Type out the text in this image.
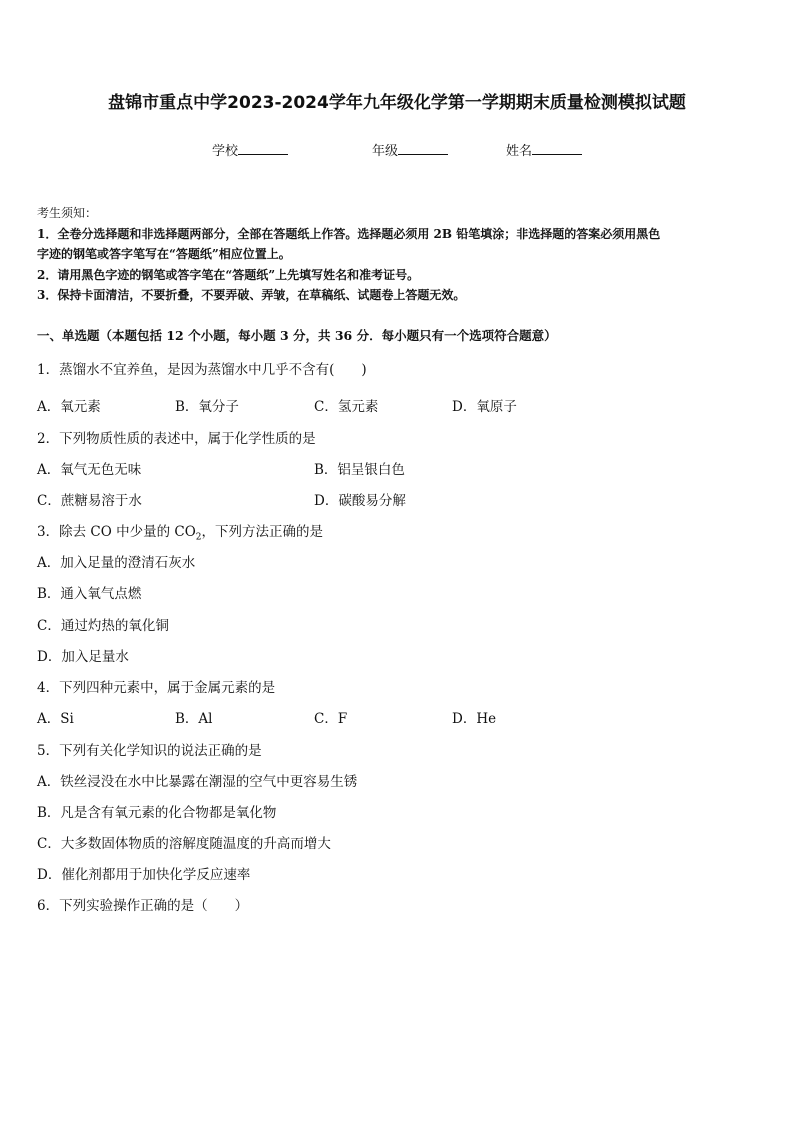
盘锦市重点中学2023-2024学年九年级化学第一学期期末质量检测模拟试题
学校	年级	姓名
考生须知：
1．全卷分选择题和非选择题两部分，全部在答题纸上作答。选择题必须用 2B 铅笔填涂；非选择题的答案必须用黑色
字迹的钢笔或答字笔写在“答题纸”相应位置上。
2．请用黑色字迹的钢笔或答字笔在“答题纸”上先填写姓名和准考证号。
3．保持卡面清洁，不要折叠，不要弄破、弄皱，在草稿纸、试题卷上答题无效。
一、单选题（本题包括 12 个小题，每小题 3 分，共 36 分．每小题只有一个选项符合题意）
1．蒸馏水不宜养鱼，是因为蒸馏水中几乎不含有(　　)
A．氧元素	B．氧分子	C．氢元素	D．氧原子
2．下列物质性质的表述中，属于化学性质的是
A．氧气无色无味	B．铝呈银白色
C．蔗糖易溶于水	D．碳酸易分解
3．除去 CO 中少量的 $CO_2$，下列方法正确的是
A．加入足量的澄清石灰水
B．通入氧气点燃
C．通过灼热的氧化铜
D．加入足量水
4．下列四种元素中，属于金属元素的是
A．Si	B．Al	C．F	D．He
5．下列有关化学知识的说法正确的是
A．铁丝浸没在水中比暴露在潮湿的空气中更容易生锈
B．凡是含有氧元素的化合物都是氧化物
C．大多数固体物质的溶解度随温度的升高而增大
D．催化剂都用于加快化学反应速率
6．下列实验操作正确的是（　　）
